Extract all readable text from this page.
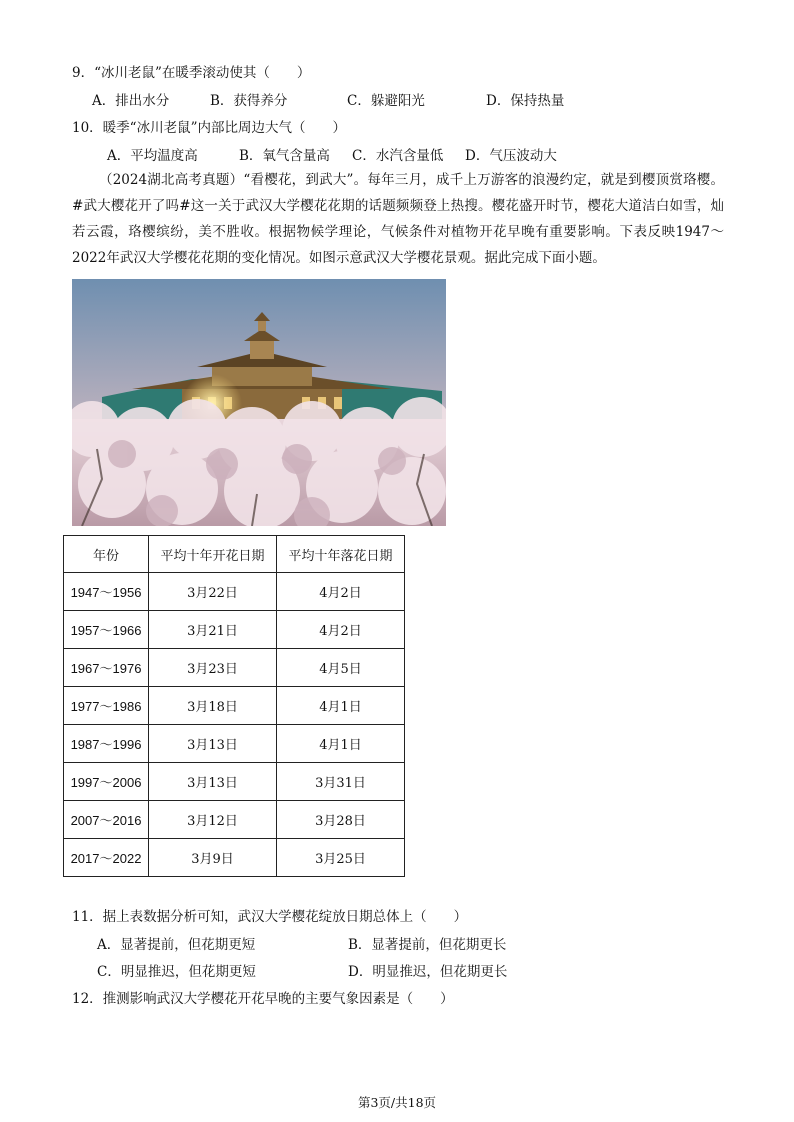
9．“冰川老鼠”在暖季滚动使其（　　）
A．排出水分	B．获得养分	C．躲避阳光	D．保持热量
10．暖季“冰川老鼠”内部比周边大气（　　）
A．平均温度高	B．氧气含量高 C．水汽含量低 D．气压波动大
（2024湖北高考真题）“看樱花，到武大”。每年三月，成千上万游客的浪漫约定，就是到樱顶赏珞樱。#武大樱花开了吗#这一关于武汉大学樱花花期的话题频频登上热搜。樱花盛开时节，樱花大道洁白如雪，灿若云霞，珞樱缤纷，美不胜收。根据物候学理论，气候条件对植物开花早晚有重要影响。下表反映1947～2022年武汉大学樱花花期的变化情况。如图示意武汉大学樱花景观。据此完成下面小题。
年份	平均十年开花日期	平均十年落花日期
1947～1956	3月22日	4月2日
1957～1966	3月21日	4月2日
1967～1976	3月23日	4月5日
1977～1986	3月18日	4月1日
1987～1996	3月13日	4月1日
1997～2006	3月13日	3月31日
2007～2016	3月12日	3月28日
2017～2022	3月9日	3月25日
11．据上表数据分析可知，武汉大学樱花绽放日期总体上（　　）
A．显著提前，但花期更短	B．显著提前，但花期更长
C．明显推迟，但花期更短	D．明显推迟，但花期更长
12．推测影响武汉大学樱花开花早晚的主要气象因素是（　　）
第3页/共18页
